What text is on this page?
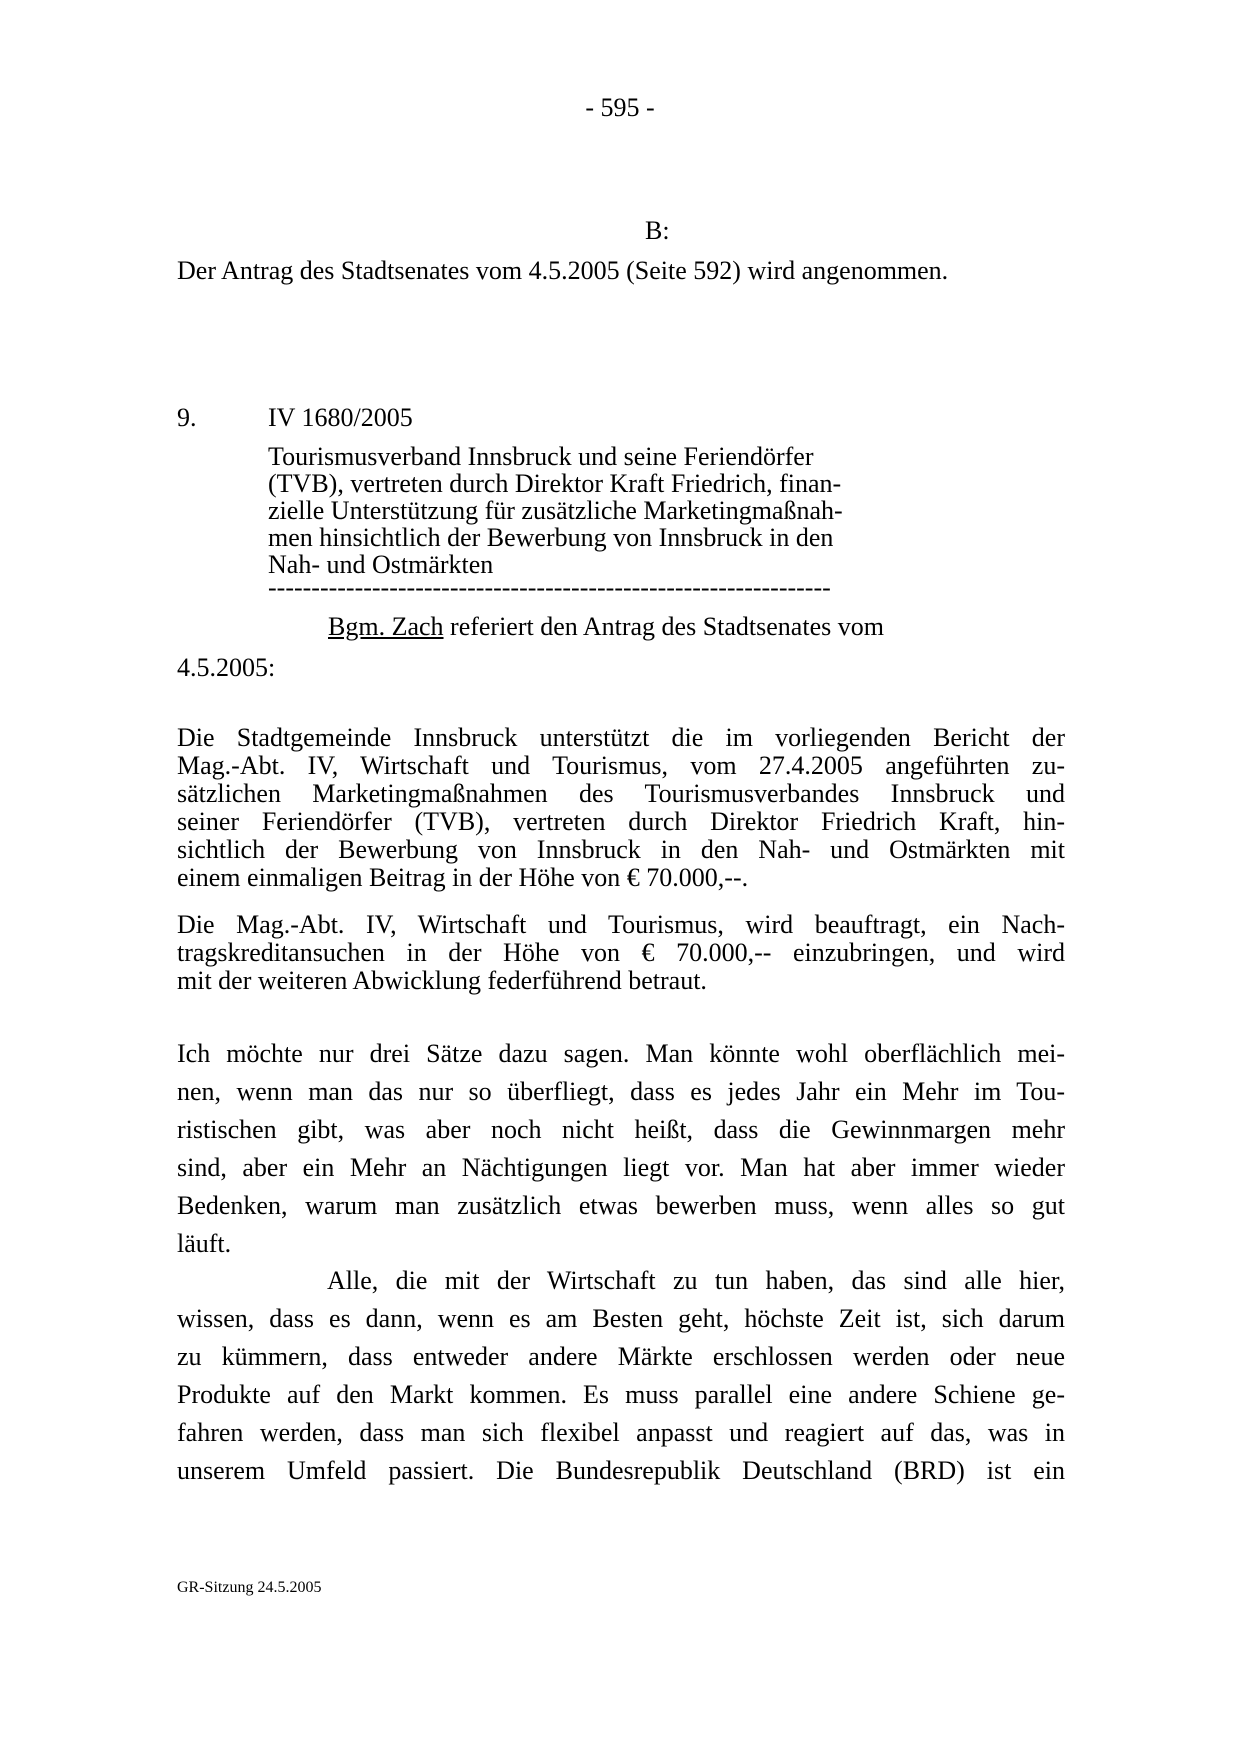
- 595 -
B:
Der Antrag des Stadtsenates vom 4.5.2005 (Seite 592) wird angenommen.
9.	IV 1680/2005
Tourismusverband Innsbruck und seine Feriendörfer
(TVB), vertreten durch Direktor Kraft Friedrich, finan-
zielle Unterstützung für zusätzliche Marketingmaßnah-
men hinsichtlich der Bewerbung von Innsbruck in den
Nah- und Ostmärkten
-----------------------------------------------------------------
Bgm. Zach referiert den Antrag des Stadtsenates vom
4.5.2005:
Die Stadtgemeinde Innsbruck unterstützt die im vorliegenden Bericht der
Mag.-Abt. IV, Wirtschaft und Tourismus, vom 27.4.2005 angeführten zu-
sätzlichen Marketingmaßnahmen des Tourismusverbandes Innsbruck und
seiner Feriendörfer (TVB), vertreten durch Direktor Friedrich Kraft, hin-
sichtlich der Bewerbung von Innsbruck in den Nah- und Ostmärkten mit
einem einmaligen Beitrag in der Höhe von € 70.000,--.
Die Mag.-Abt. IV, Wirtschaft und Tourismus, wird beauftragt, ein Nach-
tragskreditansuchen in der Höhe von € 70.000,-- einzubringen, und wird
mit der weiteren Abwicklung federführend betraut.
Ich möchte nur drei Sätze dazu sagen. Man könnte wohl oberflächlich mei-
nen, wenn man das nur so überfliegt, dass es jedes Jahr ein Mehr im Tou-
ristischen gibt, was aber noch nicht heißt, dass die Gewinnmargen mehr
sind, aber ein Mehr an Nächtigungen liegt vor. Man hat aber immer wieder
Bedenken, warum man zusätzlich etwas bewerben muss, wenn alles so gut
läuft.
Alle, die mit der Wirtschaft zu tun haben, das sind alle hier,
wissen, dass es dann, wenn es am Besten geht, höchste Zeit ist, sich darum
zu kümmern, dass entweder andere Märkte erschlossen werden oder neue
Produkte auf den Markt kommen. Es muss parallel eine andere Schiene ge-
fahren werden, dass man sich flexibel anpasst und reagiert auf das, was in
unserem Umfeld passiert. Die Bundesrepublik Deutschland (BRD) ist ein
GR-Sitzung 24.5.2005
